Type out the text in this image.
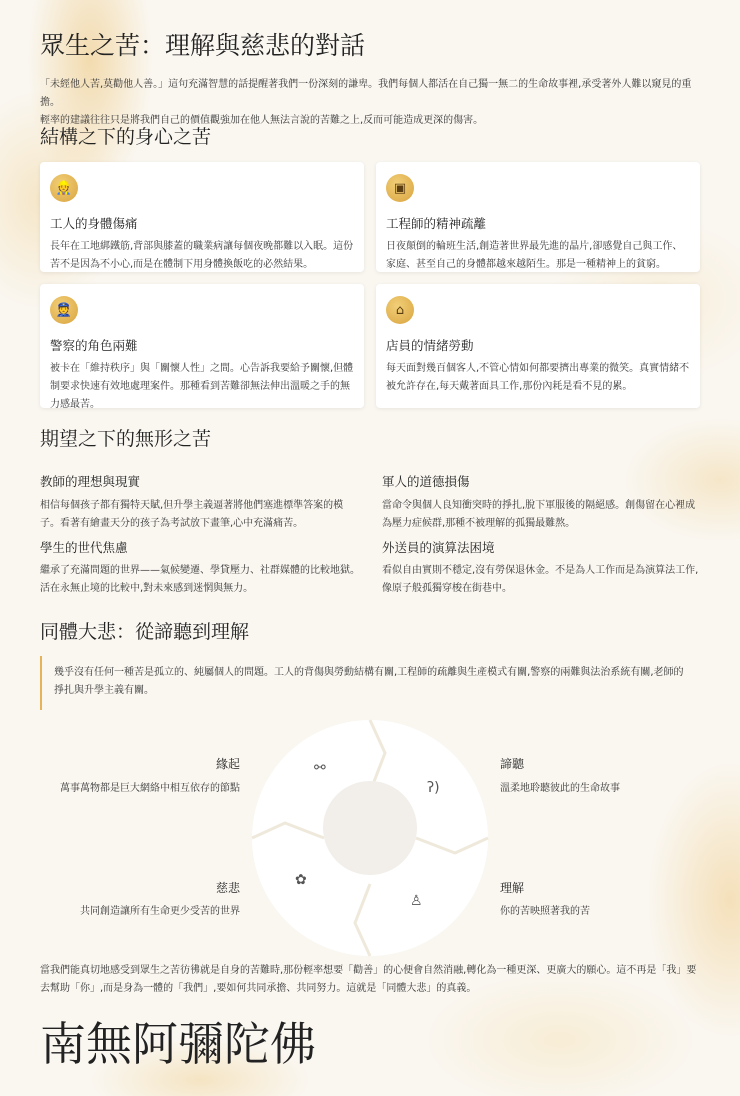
眾生之苦：理解與慈悲的對話
「未經他人苦,莫勸他人善。」這句充滿智慧的話提醒著我們一份深刻的謙卑。我們每個人都活在自己獨一無二的生命故事裡,承受著外人難以窺見的重擔。
輕率的建議往往只是將我們自己的價值觀強加在他人無法言說的苦難之上,反而可能造成更深的傷害。
結構之下的身心之苦
👷
工人的身體傷痛
長年在工地綁鐵筋,背部與膝蓋的職業病讓每個夜晚都難以入眠。這份苦不是因為不小心,而是在體制下用身體換飯吃的必然結果。
▣
工程師的精神疏離
日夜顛倒的輪班生活,創造著世界最先進的晶片,卻感覺自己與工作、家庭、甚至自己的身體都越來越陌生。那是一種精神上的貧窮。
👮
警察的角色兩難
被卡在「維持秩序」與「關懷人性」之間。心告訴我要給予關懷,但體制要求快速有效地處理案件。那種看到苦難卻無法伸出溫暖之手的無力感最苦。
⌂
店員的情緒勞動
每天面對幾百個客人,不管心情如何都要擠出專業的微笑。真實情緒不被允許存在,每天戴著面具工作,那份內耗是看不見的累。
期望之下的無形之苦
教師的理想與現實
相信每個孩子都有獨特天賦,但升學主義逼著將他們塞進標準答案的模子。看著有繪畫天分的孩子為考試放下畫筆,心中充滿痛苦。
軍人的道德損傷
當命令與個人良知衝突時的掙扎,脫下軍服後的隔絕感。創傷留在心裡成為壓力症候群,那種不被理解的孤獨最難熬。
學生的世代焦慮
繼承了充滿問題的世界——氣候變遷、學貸壓力、社群媒體的比較地獄。活在永無止境的比較中,對未來感到迷惘與無力。
外送員的演算法困境
看似自由實則不穩定,沒有勞保退休金。不是為人工作而是為演算法工作,像原子般孤獨穿梭在街巷中。
同體大悲：從諦聽到理解
幾乎沒有任何一種苦是孤立的、純屬個人的問題。工人的背傷與勞動結構有關,工程師的疏離與生產模式有關,警察的兩難與法治系統有關,老師的掙扎與升學主義有關。
⚯
ʔ)
✿
♙
緣起
萬事萬物都是巨大網絡中相互依存的節點
諦聽
溫柔地聆聽彼此的生命故事
慈悲
共同創造讓所有生命更少受苦的世界
理解
你的苦映照著我的苦
當我們能真切地感受到眾生之苦彷彿就是自身的苦難時,那份輕率想要「勸善」的心便會自然消融,轉化為一種更深、更廣大的願心。這不再是「我」要去幫助「你」,而是身為一體的「我們」,要如何共同承擔、共同努力。這就是「同體大悲」的真義。
南無阿彌陀佛
